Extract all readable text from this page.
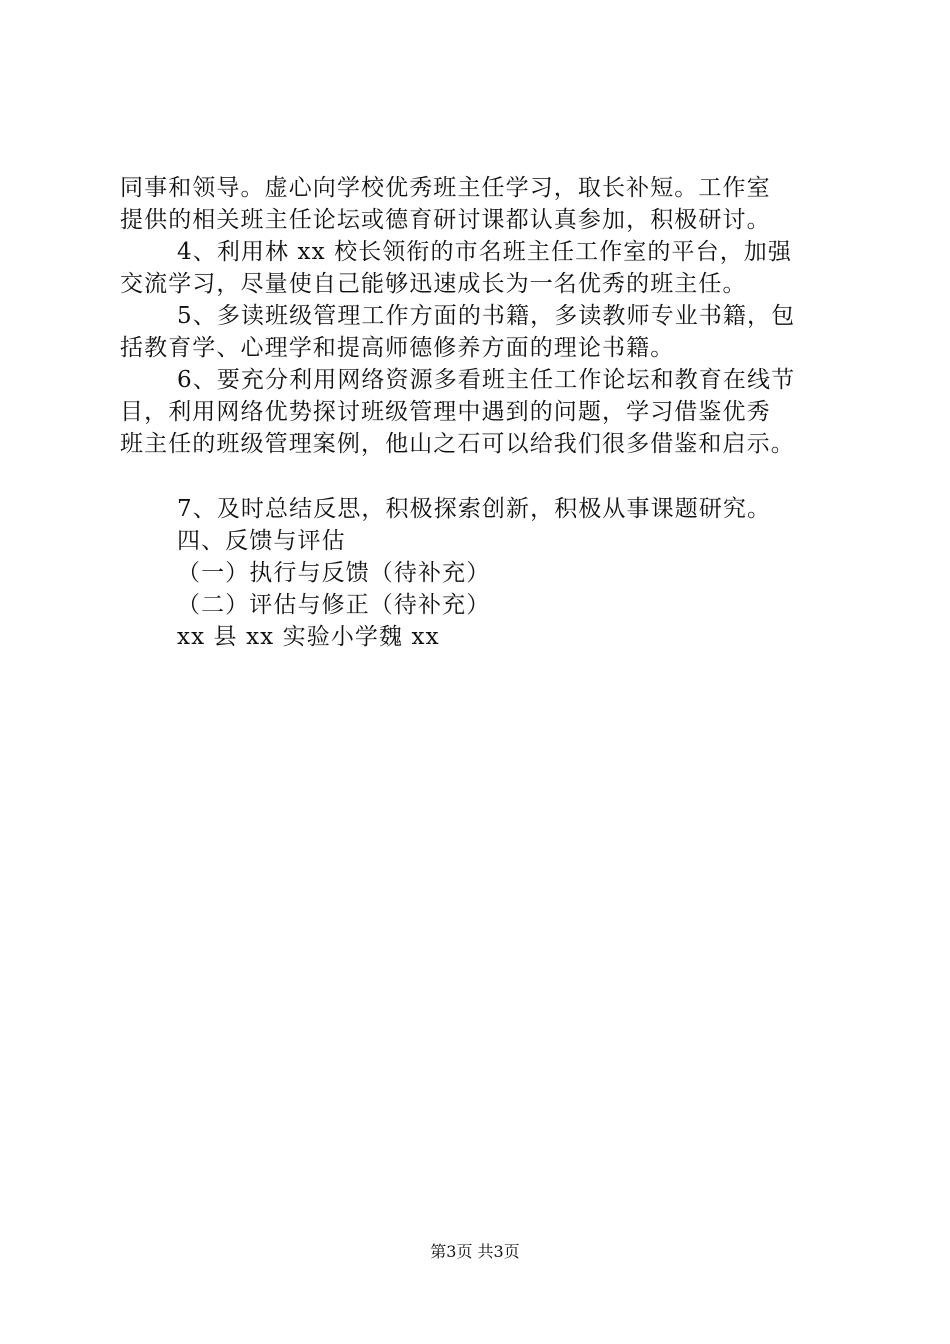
同事和领导。虚心向学校优秀班主任学习，取长补短。工作室
提供的相关班主任论坛或德育研讨课都认真参加，积极研讨。
4、利用林 xx 校长领衔的市名班主任工作室的平台，加强
交流学习，尽量使自己能够迅速成长为一名优秀的班主任。
5、多读班级管理工作方面的书籍，多读教师专业书籍，包
括教育学、心理学和提高师德修养方面的理论书籍。
6、要充分利用网络资源多看班主任工作论坛和教育在线节
目，利用网络优势探讨班级管理中遇到的问题，学习借鉴优秀
班主任的班级管理案例，他山之石可以给我们很多借鉴和启示。
7、及时总结反思，积极探索创新，积极从事课题研究。
四、反馈与评估
（一）执行与反馈（待补充）
（二）评估与修正（待补充）
xx 县 xx 实验小学魏 xx
第3页 共3页
